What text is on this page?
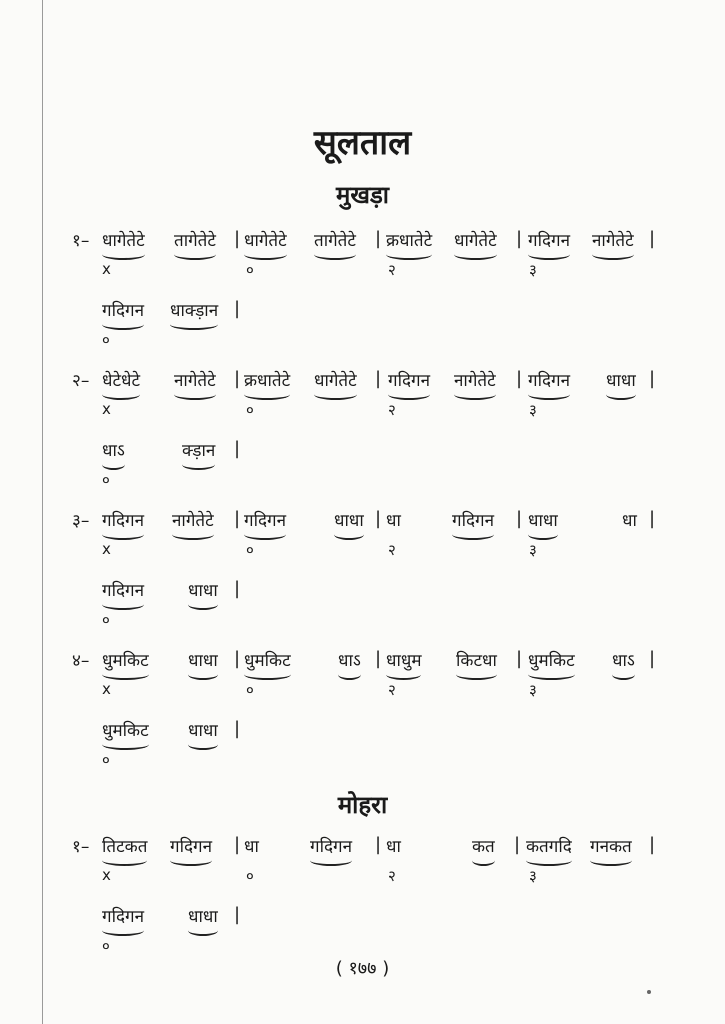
सूलताल
मुखड़ा
मोहरा
१– धागेतेटे तागेतेटे | धागेतेटे तागेतेटे | क्रधातेटे धागेतेटे | गदिगन नागेतेटे |
x	०	२	३
गदिगन धाक्ड़ान |
०
२– धेटेधेटे नागेतेटे | क्रधातेटे धागेतेटे | गदिगन नागेतेटे | गदिगन धाधा |
x	०	२	३
धाऽ	क्ड़ान |
०
३– गदिगन नागेतेटे | गदिगन	धाधा | धा	गदिगन | धाधा	धा |
x	०	२	३
गदिगन	धाधा |
०
४– धुमकिट धाधा | धुमकिट	धाऽ | धाधुम किटधा | धुमकिट धाऽ |
x	०	२	३
धुमकिट धाधा |
०
१– तिटकत गदिगन | धा	गदिगन | धा	कत | कतगदि गनकत |
x	०	२	३
गदिगन	धाधा |
०
( १७७ )
